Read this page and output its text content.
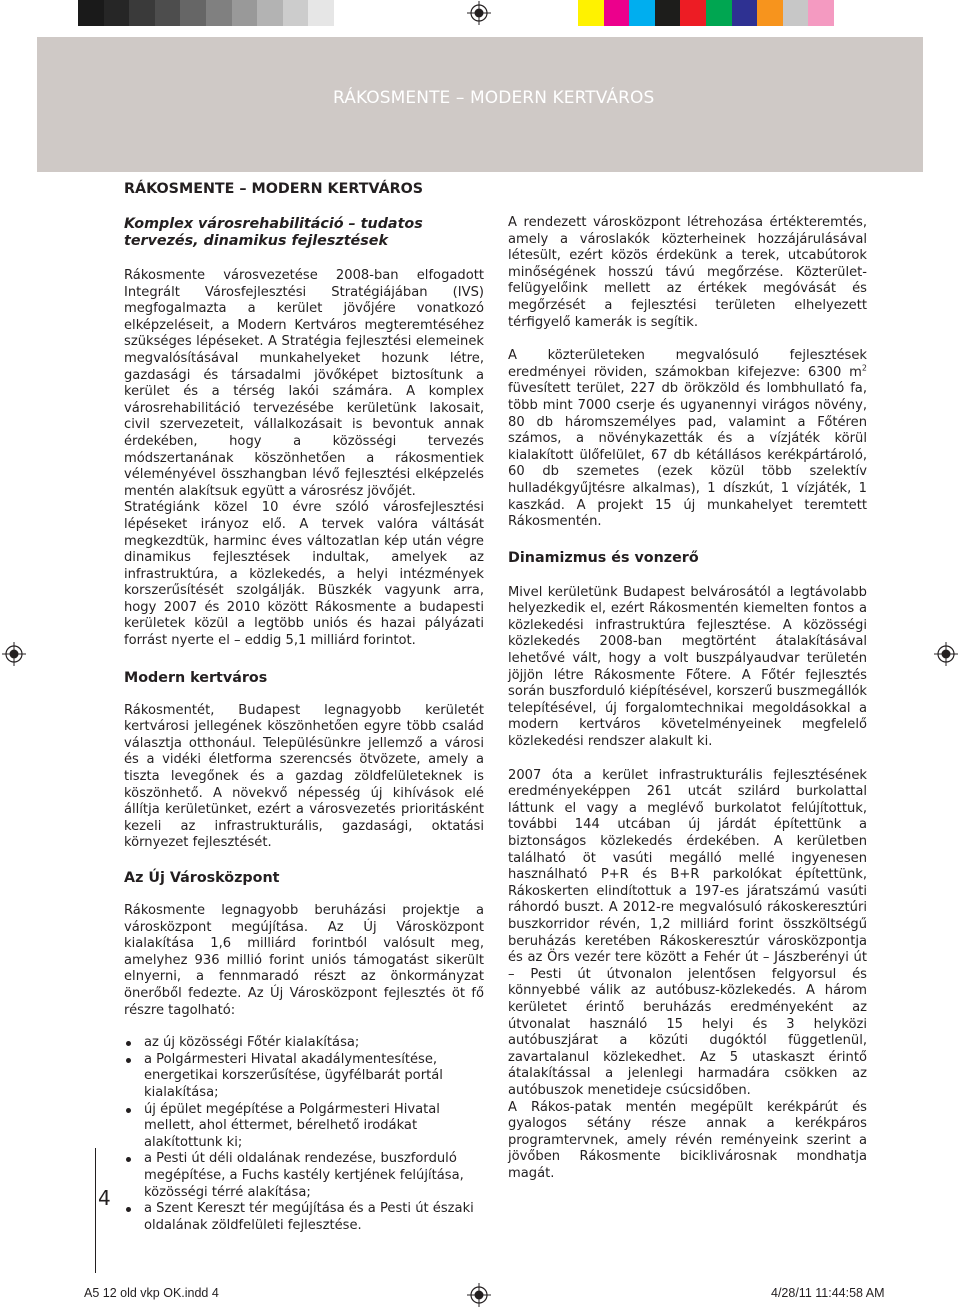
RÁKOSMENTE – MODERN KERTVÁROS
RÁKOSMENTE – MODERN KERTVÁROS
Komplex városrehabilitáció – tudatos tervezés, dinamikus fejlesztések

Rákosmente városvezetése 2008-ban elfogadott Integrált Városfejlesztési Stratégiájában (IVS) megfogalmazta a kerület jövőjére vonatkozó elképzeléseit, a Modern Kertváros megteremtéséhez szükséges lépéseket. A Stratégia fejlesztési elemeinek megvalósításával munkahelyeket hozunk létre, gazdasági és társadalmi jövőképet biztosítunk a kerület és a térség lakói számára. A komplex városrehabilitáció tervezésébe kerületünk lakosait, civil szervezeteit, vállalkozásait is bevontuk annak érdekében, hogy a közösségi tervezés módszertanának köszönhetően a rákosmentiek véleményével összhangban lévő fejlesztési elképzelés mentén alakítsuk együtt a városrész jövőjét.

Stratégiánk közel 10 évre szóló városfejlesztési lépéseket irányoz elő. A tervek valóra váltását megkezdtük, harminc éves változatlan kép után végre dinamikus fejlesztések indultak, amelyek az infrastruktúra, a közlekedés, a helyi intézmények korszerűsítését szolgálják. Büszkék vagyunk arra, hogy 2007 és 2010 között Rákosmente a budapesti kerületek közül a legtöbb uniós és hazai pályázati forrást nyerte el – eddig 5,1 milliárd forintot.

Modern kertváros

Rákosmentét, Budapest legnagyobb kerületét kertvárosi jellegének köszönhetően egyre több család választja otthonául. Településünkre jellemző a városi és a vidéki életforma szerencsés ötvözete, amely a tiszta levegőnek és a gazdag zöldfelületeknek is köszönhető. A növekvő népesség új kihívások elé állítja kerületünket, ezért a városvezetés prioritásként kezeli az infrastrukturális, gazdasági, oktatási környezet fejlesztését.

Az Új Városközpont

Rákosmente legnagyobb beruházási projektje a városközpont megújítása. Az Új Városközpont kialakítása 1,6 milliárd forintból valósult meg, amelyhez 936 millió forint uniós támogatást sikerült elnyerni, a fennmaradó részt az önkormányzat önerőből fedezte. Az Új Városközpont fejlesztés öt fő részre tagolható:

az új közösségi Főtér kialakítása;
a Polgármesteri Hivatal akadálymentesítése, energetikai korszerűsítése, ügyfélbarát portál kialakítása;
új épület megépítése a Polgármesteri Hivatal mellett, ahol éttermet, bérelhető irodákat alakítottunk ki;
a Pesti út déli oldalának rendezése, buszforduló megépítése, a Fuchs kastély kertjének felújítása, közösségi térré alakítása;
a Szent Kereszt tér megújítása és a Pesti út északi oldalának zöldfelületi fejlesztése.

A rendezett városközpont létrehozása értékteremtés, amely a városlakók közterheinek hozzájárulásával létesült, ezért közös érdekünk a terek, utcabútorok minőségének hosszú távú megőrzése. Közterület-felügyelőink mellett az értékek megóvását és megőrzését a fejlesztési területen elhelyezett térfigyelő kamerák is segítik.

A közterületeken megvalósuló fejlesztések eredményei röviden, számokban kifejezve: 6300 $m^2$ füvesített terület, 227 db örökzöld és lombhullató fa, több mint 7000 cserje és ugyanennyi virágos növény, 80 db háromszemélyes pad, valamint a Főtéren számos, a növénykazetták és a vízjáték körül kialakított ülőfelület, 67 db kétállásos kerékpártároló, 60 db szemetes (ezek közül több szelektív hulladékgyűjtésre alkalmas), 1 díszkút, 1 vízjáték, 1 kaszkád. A projekt 15 új munkahelyet teremtett Rákosmentén.

Dinamizmus és vonzerő

Mivel kerületünk Budapest belvárosától a legtávolabb helyezkedik el, ezért Rákosmentén kiemelten fontos a közlekedési infrastruktúra fejlesztése. A közösségi közlekedés 2008-ban megtörtént átalakításával lehetővé vált, hogy a volt buszpályaudvar területén jöjjön létre Rákosmente Főtere. A Főtér fejlesztés során buszforduló kiépítésével, korszerű buszmegállók telepítésével, új forgalomtechnikai megoldásokkal a modern kertváros követelményeinek megfelelő közlekedési rendszer alakult ki.

2007 óta a kerület infrastrukturális fejlesztésének eredményeképpen 261 utcát szilárd burkolattal láttunk el vagy a meglévő burkolatot felújítottuk, további 144 utcában új járdát építettünk a biztonságos közlekedés érdekében. A kerületben található öt vasúti megálló mellé ingyenesen használható P+R és B+R parkolókat építettünk, Rákoskerten elindítottuk a 197-es járatszámú vasúti ráhordó buszt. A 2012-re megvalósuló rákoskeresztúri buszkorridor révén, 1,2 milliárd forint összköltségű beruházás keretében Rákoskeresztúr városközpontja és az Örs vezér tere között a Fehér út – Jászberényi út – Pesti út útvonalon jelentősen felgyorsul és könnyebbé válik az autóbusz-közlekedés. A három kerületet érintő beruházás eredményeként az útvonalat használó 15 helyi és 3 helyközi autóbuszjárat a közúti dugóktól függetlenül, zavartalanul közlekedhet. Az 5 utaskaszt érintő átalakítással a jelenlegi harmadára csökken az autóbuszok menetideje csúcsidőben.

A Rákos-patak mentén megépült kerékpárút és gyalogos sétány része annak a kerékpáros programtervnek, amely révén reményeink szerint a jövőben Rákosmente biciklivárosnak mondhatja magát.

4
A5 12 old vkp OK.indd 4	4/28/11 11:44:58 AM
